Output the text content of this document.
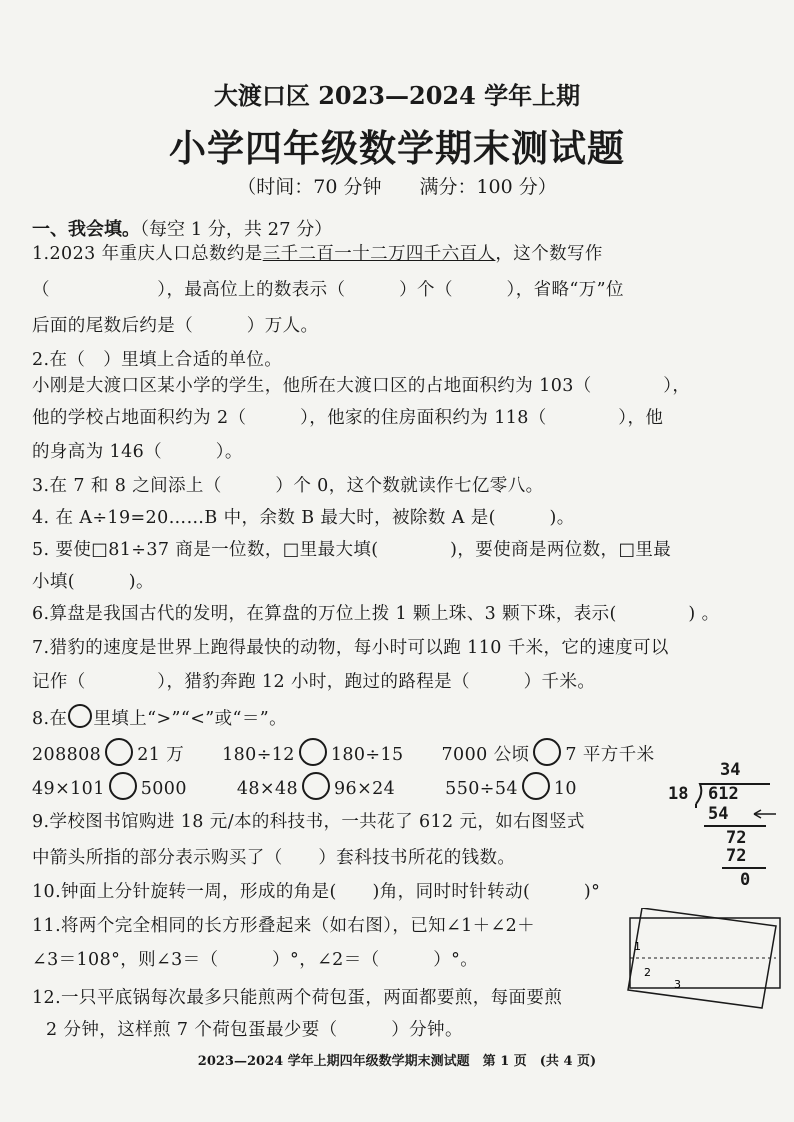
大渡口区 2023—2024 学年上期
小学四年级数学期末测试题
（时间：70 分钟　　满分：100 分）
一、我会填。（每空 1 分，共 27 分）
1.2023 年重庆人口总数约是三千二百一十二万四千六百人，这个数写作
（　　　　　　），最高位上的数表示（　　　）个（　　　），省略“万”位
后面的尾数后约是（　　　）万人。
2.在（　）里填上合适的单位。
小刚是大渡口区某小学的学生，他所在大渡口区的占地面积约为 103（　　　　），
他的学校占地面积约为 2（　　　），他家的住房面积约为 118（　　　　），他
的身高为 146（　　　）。
3.在 7 和 8 之间添上（　　　）个 0，这个数就读作七亿零八。
4. 在 A÷19=20……B 中，余数 B 最大时，被除数 A 是(　　　)。
5. 要使□81÷37 商是一位数，□里最大填(　　　　)，要使商是两位数，□里最
小填(　　　)。
6.算盘是我国古代的发明，在算盘的万位上拨 1 颗上珠、3 颗下珠，表示(　　　　) 。
7.猎豹的速度是世界上跑得最快的动物，每小时可以跑 110 千米，它的速度可以
记作（　　　　），猎豹奔跑 12 小时，跑过的路程是（　　　）千米。
8.在 里填上“>”“<”或“＝”。
208808 21 万 180÷12 180÷15 7000 公顷 7 平方千米
49×101 5000	48×48 96×24	550÷54 10
9.学校图书馆购进 18 元/本的科技书，一共花了 612 元，如右图竖式
中箭头所指的部分表示购买了（　　）套科技书所花的钱数。
10.钟面上分针旋转一周，形成的角是(　　)角，同时时针转动(　　　)°
11.将两个完全相同的长方形叠起来（如右图），已知∠1＋∠2＋
∠3＝108°，则∠3＝（　　　）°，∠2＝（　　　）°。
12.一只平底锅每次最多只能煎两个荷包蛋，两面都要煎，每面要煎
2 分钟，这样煎 7 个荷包蛋最少要（　　　）分钟。
34
18 612
54
72
72
0
1
2
3
2023—2024 学年上期四年级数学期末测试题　第 1 页　(共 4 页)
